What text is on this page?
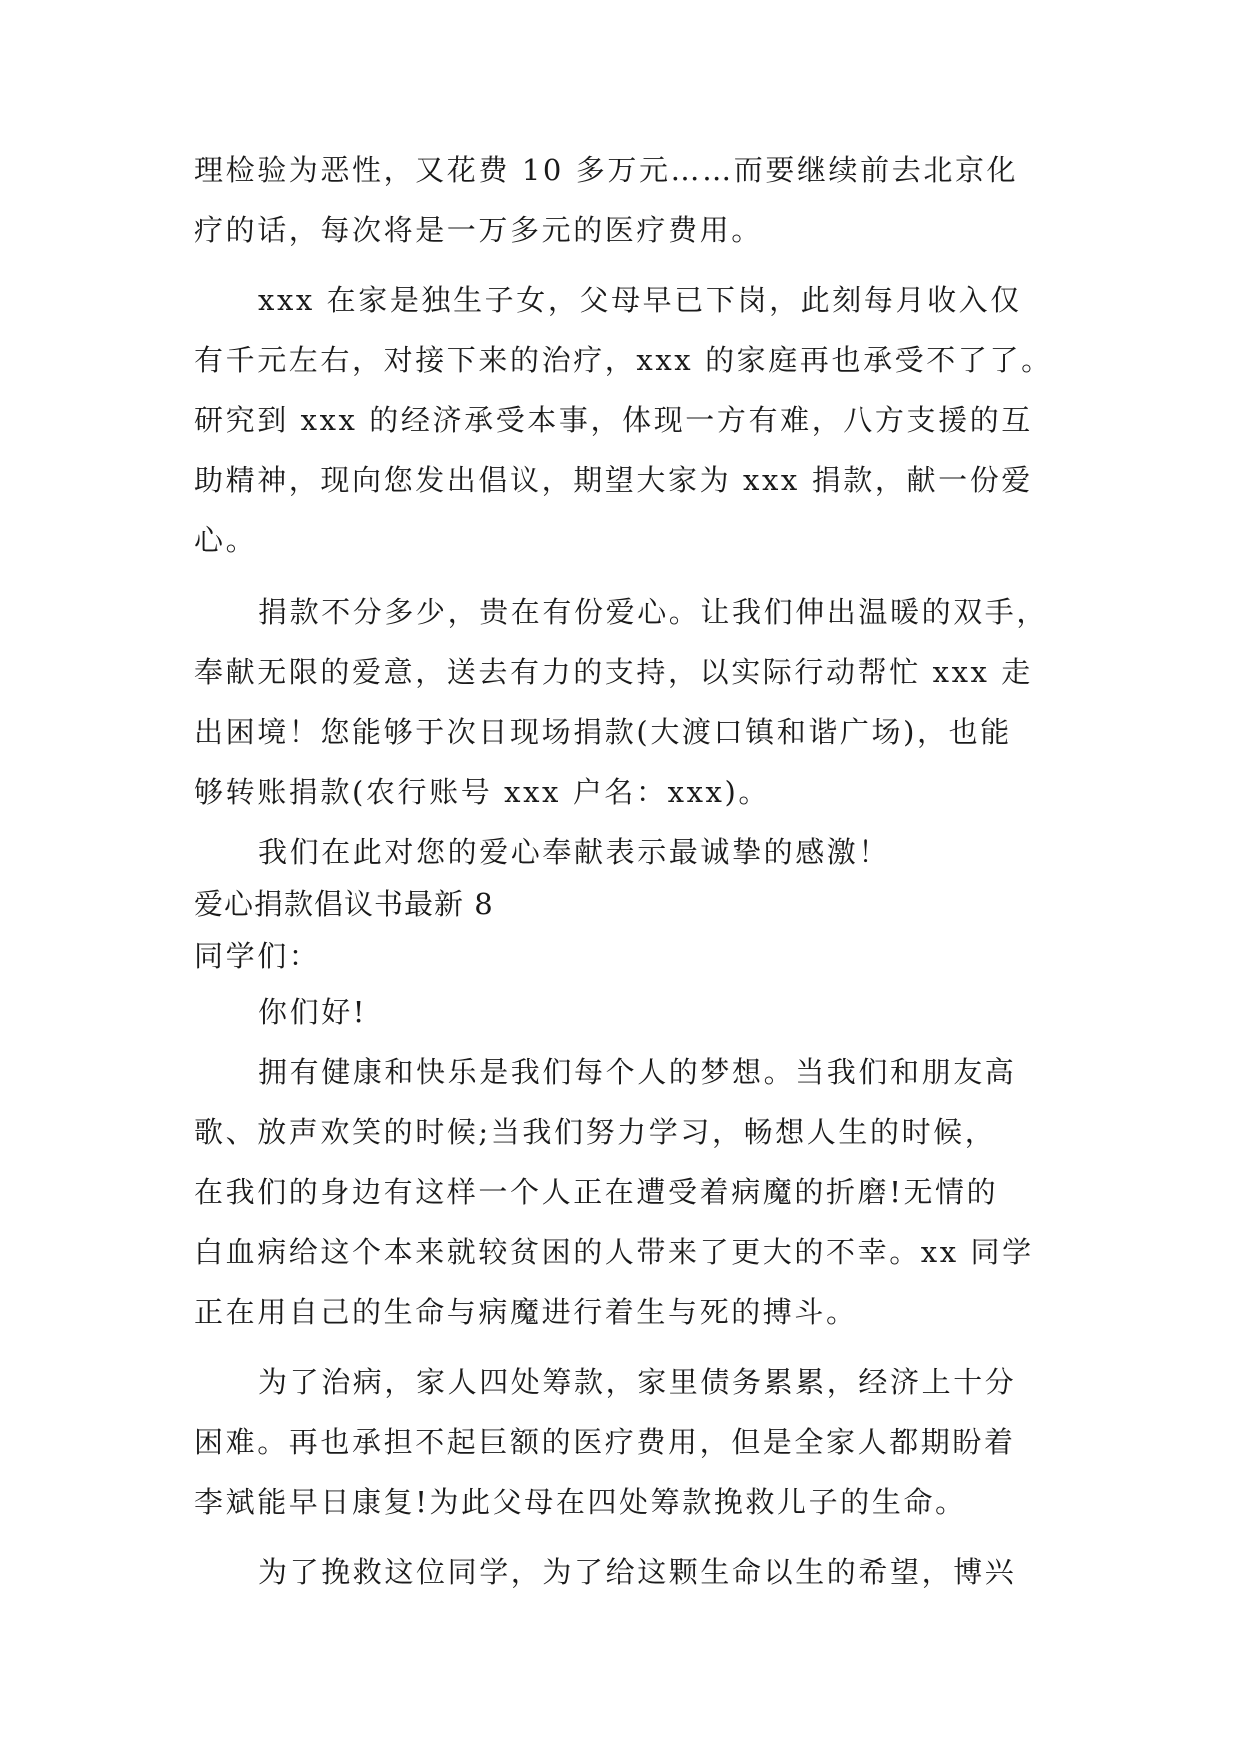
理检验为恶性，又花费 10 多万元……而要继续前去北京化
疗的话，每次将是一万多元的医疗费用。
xxx 在家是独生子女，父母早已下岗，此刻每月收入仅
有千元左右，对接下来的治疗，xxx 的家庭再也承受不了了。
研究到 xxx 的经济承受本事，体现一方有难，八方支援的互
助精神，现向您发出倡议，期望大家为 xxx 捐款，献一份爱
心。
捐款不分多少，贵在有份爱心。让我们伸出温暖的双手，
奉献无限的爱意，送去有力的支持，以实际行动帮忙 xxx 走
出困境！您能够于次日现场捐款(大渡口镇和谐广场)，也能
够转账捐款(农行账号 xxx 户名：xxx)。
我们在此对您的爱心奉献表示最诚挚的感激！
爱心捐款倡议书最新 8
同学们：
你们好!
拥有健康和快乐是我们每个人的梦想。当我们和朋友高
歌、放声欢笑的时候;当我们努力学习，畅想人生的时候，
在我们的身边有这样一个人正在遭受着病魔的折磨!无情的
白血病给这个本来就较贫困的人带来了更大的不幸。xx 同学
正在用自己的生命与病魔进行着生与死的搏斗。
为了治病，家人四处筹款，家里债务累累，经济上十分
困难。再也承担不起巨额的医疗费用，但是全家人都期盼着
李斌能早日康复!为此父母在四处筹款挽救儿子的生命。
为了挽救这位同学，为了给这颗生命以生的希望，博兴
